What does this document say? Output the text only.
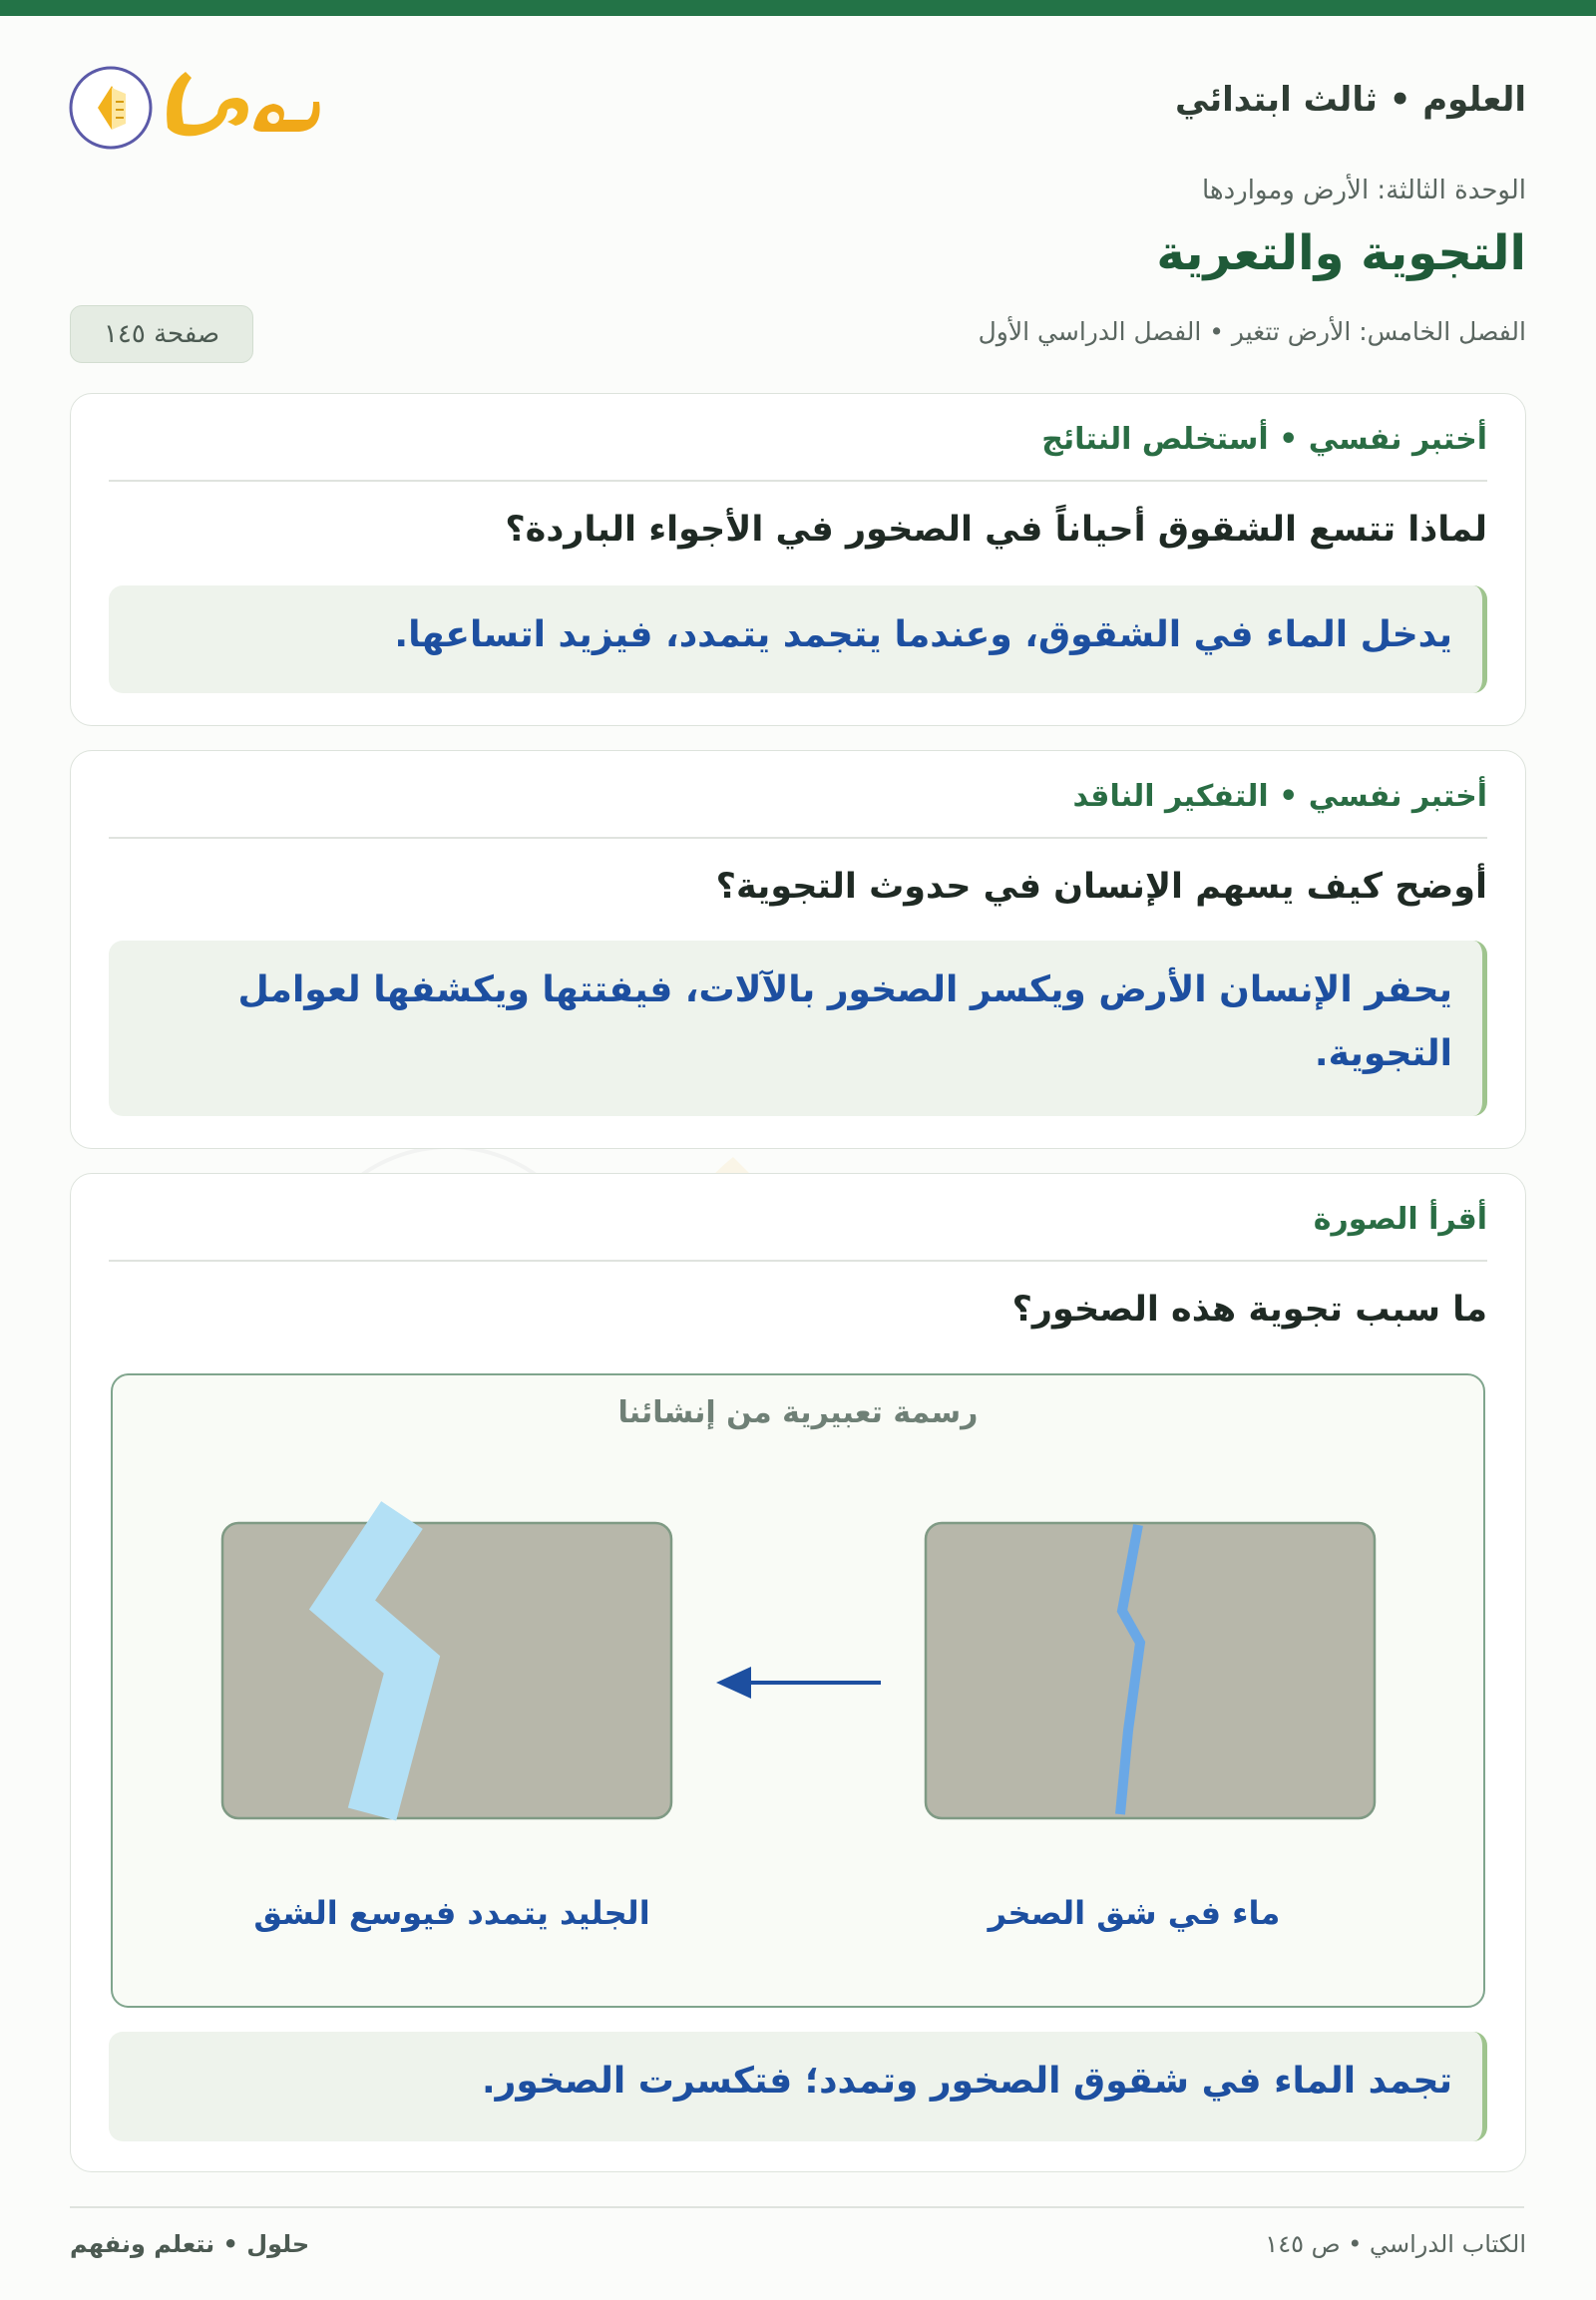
العلوم • ثالث ابتدائي
الوحدة الثالثة: الأرض ومواردها
التجوية والتعرية
الفصل الخامس: الأرض تتغير • الفصل الدراسي الأول
صفحة ١٤٥
أختبر نفسي • أستخلص النتائج
لماذا تتسع الشقوق أحياناً في الصخور في الأجواء الباردة؟
يدخل الماء في الشقوق، وعندما يتجمد يتمدد، فيزيد اتساعها.
أختبر نفسي • التفكير الناقد
أوضح كيف يسهم الإنسان في حدوث التجوية؟
يحفر الإنسان الأرض ويكسر الصخور بالآلات، فيفتتها ويكشفها لعوامل التجوية.
أقرأ الصورة
ما سبب تجوية هذه الصخور؟
رسمة تعبيرية من إنشائنا
ماء في شق الصخر
الجليد يتمدد فيوسع الشق
تجمد الماء في شقوق الصخور وتمدد؛ فتكسرت الصخور.
الكتاب الدراسي • ص ١٤٥
حلول • نتعلم ونفهم
